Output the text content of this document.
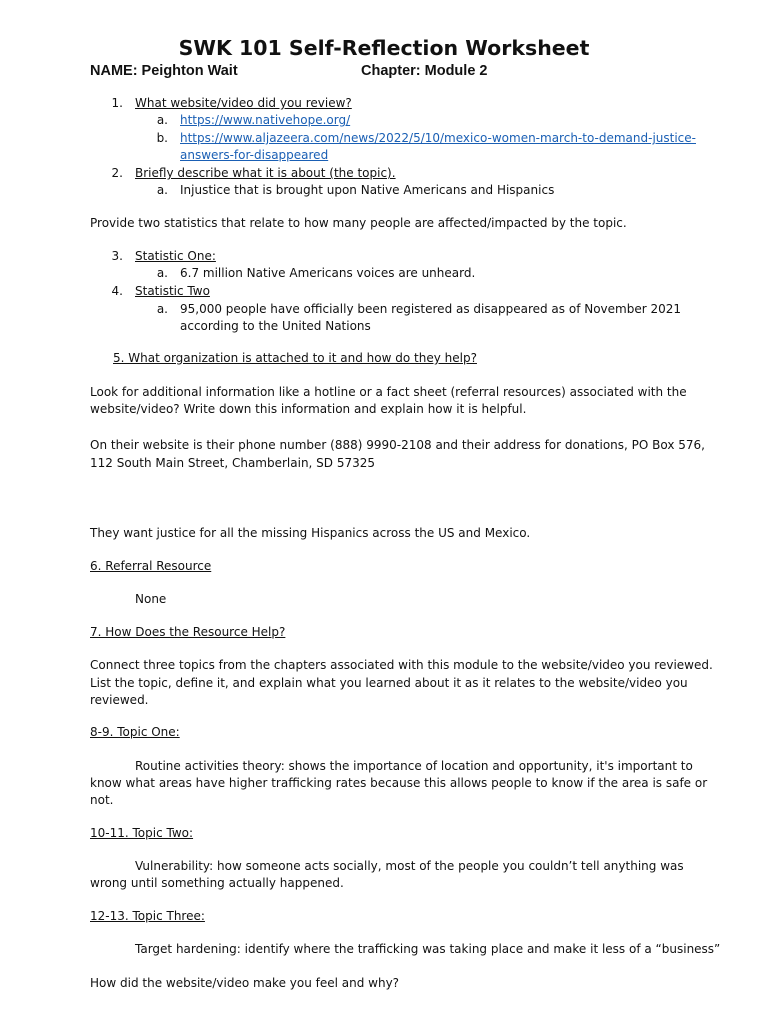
SWK 101 Self-Reflection Worksheet
NAME: Peighton Wait	Chapter: Module 2
1. What website/video did you review?
a. https://www.nativehope.org/
b. https://www.aljazeera.com/news/2022/5/10/mexico-women-march-to-demand-justice-
answers-for-disappeared
2. Briefly describe what it is about (the topic).
a. Injustice that is brought upon Native Americans and Hispanics
Provide two statistics that relate to how many people are affected/impacted by the topic.
3. Statistic One:
a. 6.7 million Native Americans voices are unheard.
4. Statistic Two
a. 95,000 people have officially been registered as disappeared as of November 2021
according to the United Nations
5. What organization is attached to it and how do they help?
Look for additional information like a hotline or a fact sheet (referral resources) associated with the
website/video? Write down this information and explain how it is helpful.
On their website is their phone number (888) 9990-2108 and their address for donations, PO Box 576,
112 South Main Street, Chamberlain, SD 57325
They want justice for all the missing Hispanics across the US and Mexico.
6. Referral Resource
None
7. How Does the Resource Help?
Connect three topics from the chapters associated with this module to the website/video you reviewed.
List the topic, define it, and explain what you learned about it as it relates to the website/video you
reviewed.
8-9. Topic One:
Routine activities theory: shows the importance of location and opportunity, it's important to
know what areas have higher trafficking rates because this allows people to know if the area is safe or
not.
10-11. Topic Two:
Vulnerability: how someone acts socially, most of the people you couldn’t tell anything was
wrong until something actually happened.
12-13. Topic Three:
Target hardening: identify where the trafficking was taking place and make it less of a “business”
How did the website/video make you feel and why?
